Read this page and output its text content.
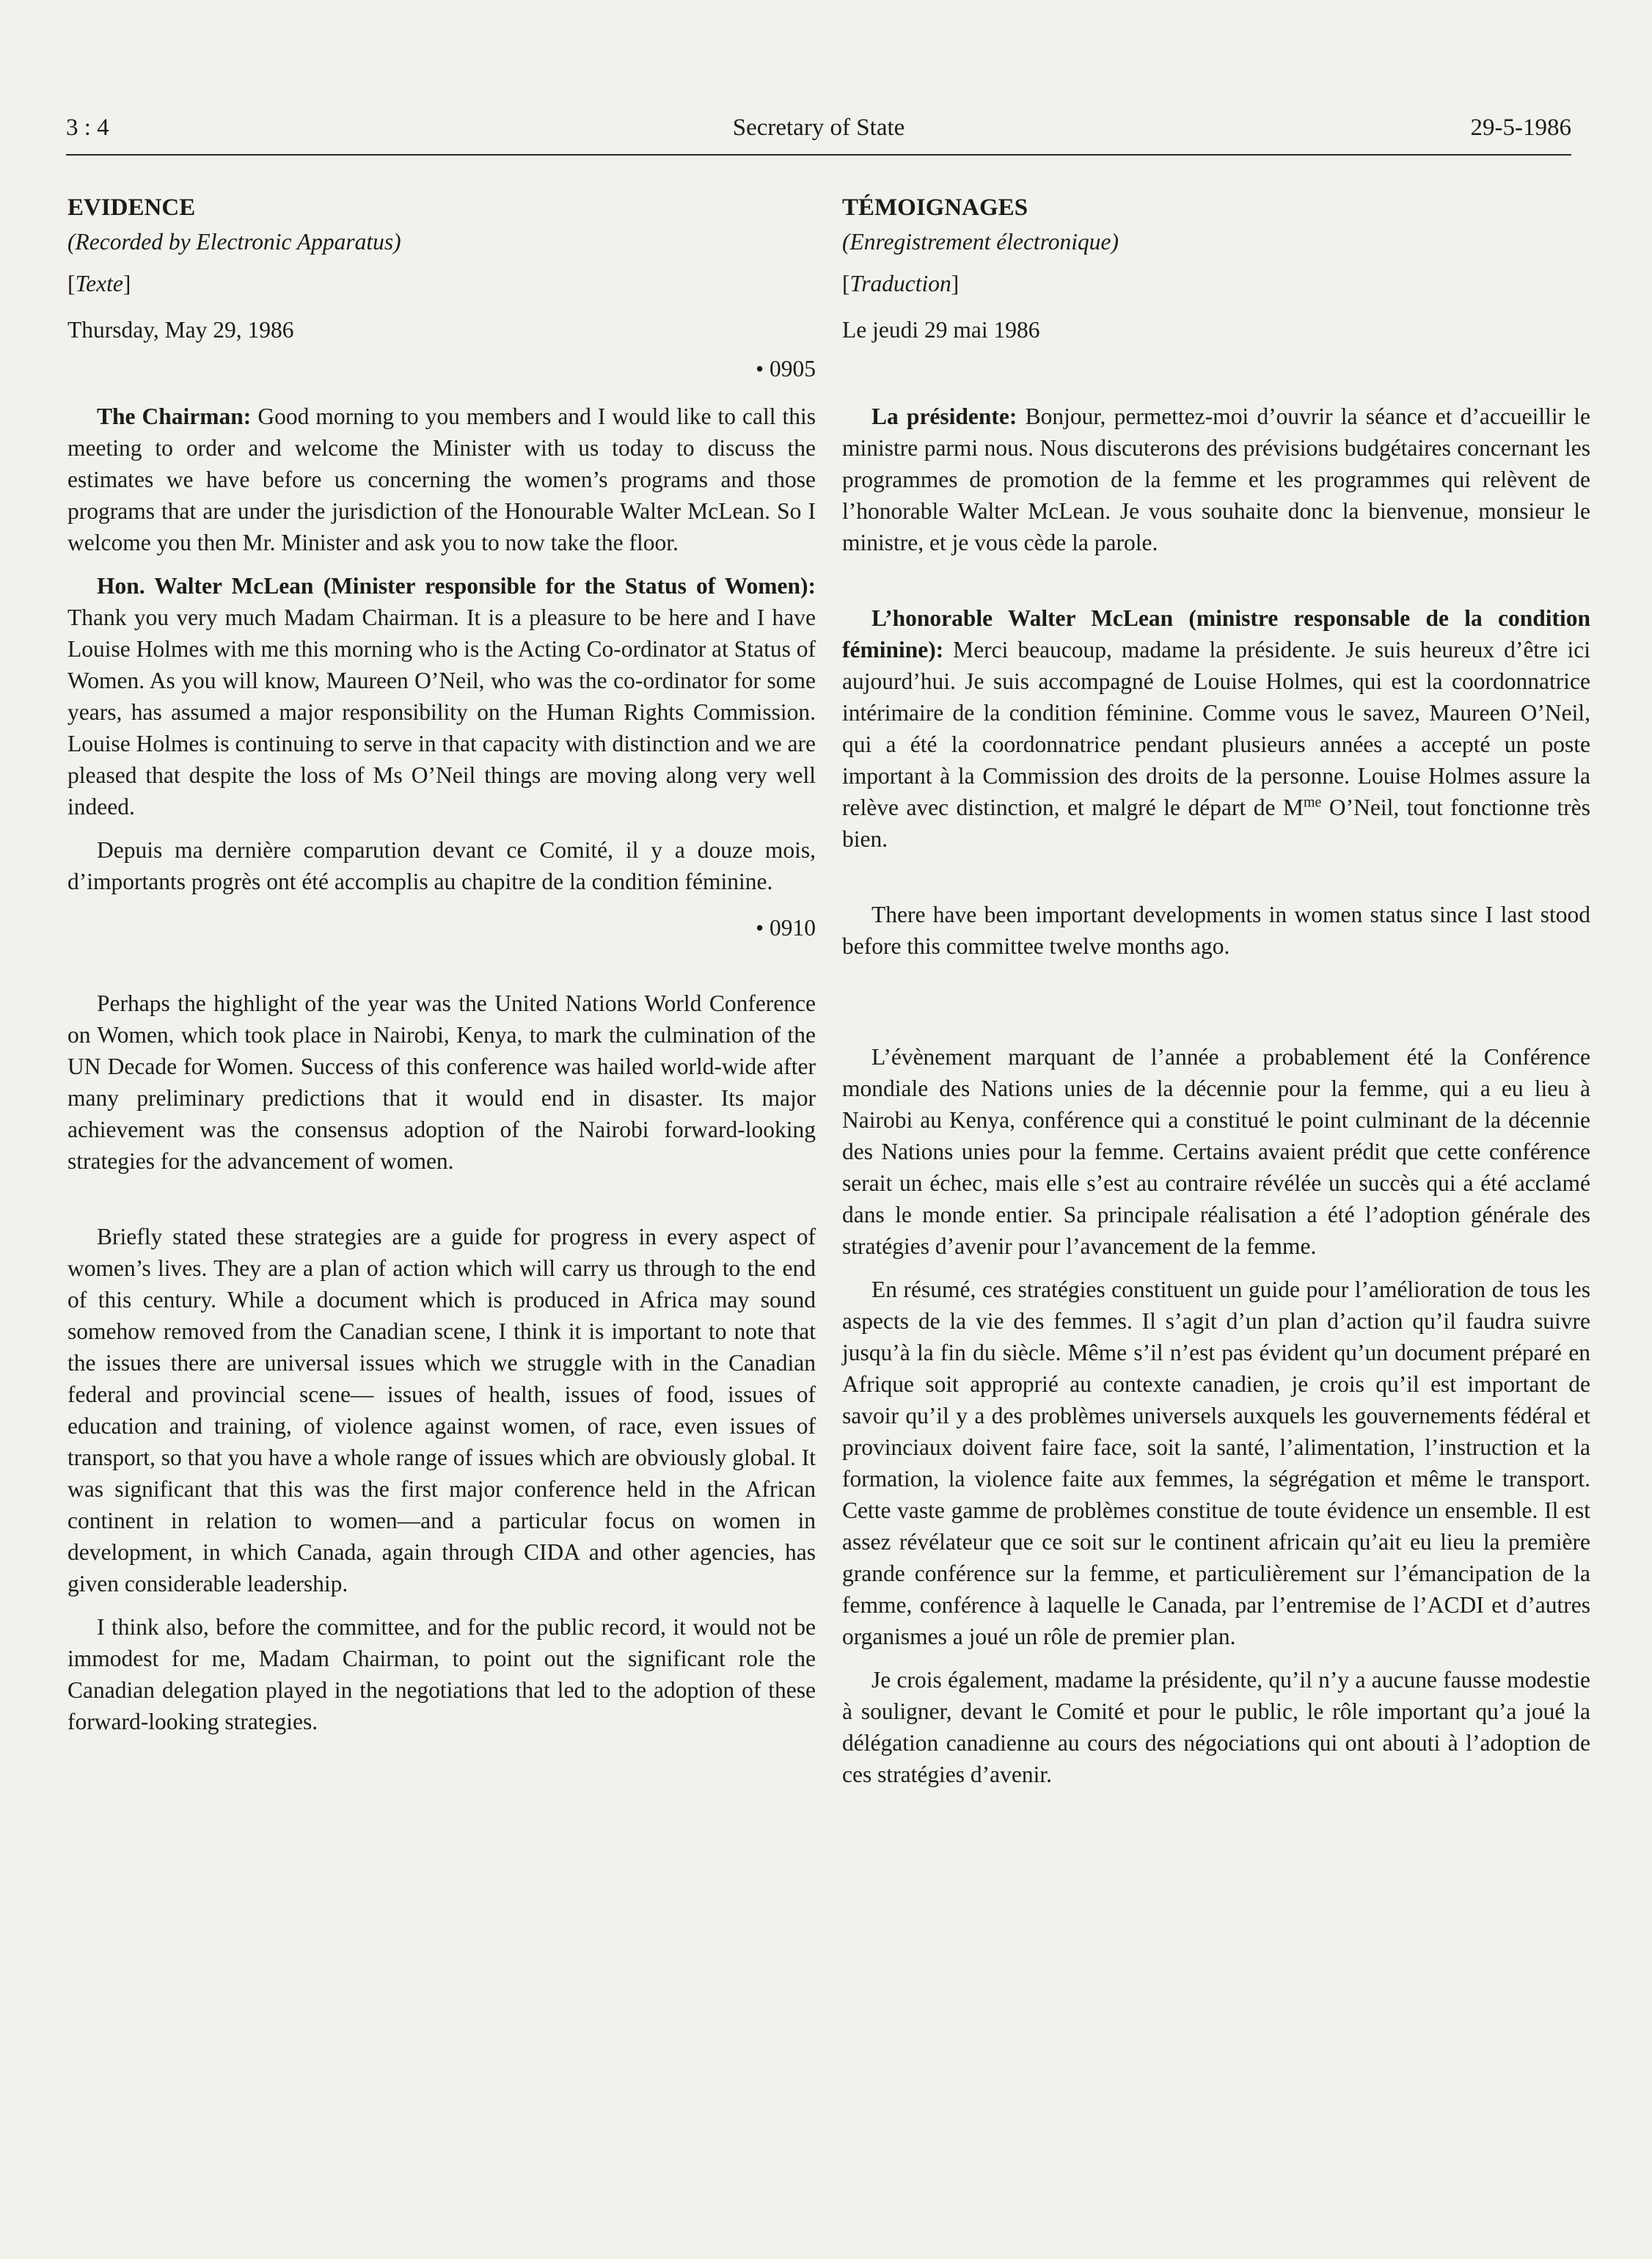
3 : 4	Secretary of State	29-5-1986
EVIDENCE
(Recorded by Electronic Apparatus)
[Texte]
Thursday, May 29, 1986
• 0905

The Chairman: Good morning to you members and I would like to call this meeting to order and welcome the Minister with us today to discuss the estimates we have before us concerning the women’s programs and those programs that are under the jurisdiction of the Honourable Walter McLean. So I welcome you then Mr. Minister and ask you to now take the floor.

Hon. Walter McLean (Minister responsible for the Status of Women): Thank you very much Madam Chairman. It is a pleasure to be here and I have Louise Holmes with me this morning who is the Acting Co-ordinator at Status of Women. As you will know, Maureen O’Neil, who was the co-ordinator for some years, has assumed a major responsibility on the Human Rights Commission. Louise Holmes is continuing to serve in that capacity with distinction and we are pleased that despite the loss of Ms O’Neil things are moving along very well indeed.

Depuis ma dernière comparution devant ce Comité, il y a douze mois, d’importants progrès ont été accomplis au chapitre de la condition féminine.

• 0910

Perhaps the highlight of the year was the United Nations World Conference on Women, which took place in Nairobi, Kenya, to mark the culmination of the UN Decade for Women. Success of this conference was hailed world-wide after many preliminary predictions that it would end in disaster. Its major achievement was the consensus adoption of the Nairobi forward-looking strategies for the advancement of women.

Briefly stated these strategies are a guide for progress in every aspect of women’s lives. They are a plan of action which will carry us through to the end of this century. While a document which is produced in Africa may sound somehow removed from the Canadian scene, I think it is important to note that the issues there are universal issues which we struggle with in the Canadian federal and provincial scene— issues of health, issues of food, issues of education and training, of violence against women, of race, even issues of transport, so that you have a whole range of issues which are obviously global. It was significant that this was the first major conference held in the African continent in relation to women—and a particular focus on women in development, in which Canada, again through CIDA and other agencies, has given considerable leadership.

I think also, before the committee, and for the public record, it would not be immodest for me, Madam Chairman, to point out the significant role the Canadian delegation played in the negotiations that led to the adoption of these forward-looking strategies.

TÉMOIGNAGES
(Enregistrement électronique)
[Traduction]
Le jeudi 29 mai 1986

La présidente: Bonjour, permettez-moi d’ouvrir la séance et d’accueillir le ministre parmi nous. Nous discuterons des prévisions budgétaires concernant les programmes de promotion de la femme et les programmes qui relèvent de l’honorable Walter McLean. Je vous souhaite donc la bienvenue, monsieur le ministre, et je vous cède la parole.

L’honorable Walter McLean (ministre responsable de la condition féminine): Merci beaucoup, madame la présidente. Je suis heureux d’être ici aujourd’hui. Je suis accompagné de Louise Holmes, qui est la coordonnatrice intérimaire de la condition féminine. Comme vous le savez, Maureen O’Neil, qui a été la coordonnatrice pendant plusieurs années a accepté un poste important à la Commission des droits de la personne. Louise Holmes assure la relève avec distinction, et malgré le départ de $M^{me}$ O’Neil, tout fonctionne très bien.

There have been important developments in women status since I last stood before this committee twelve months ago.

L’évènement marquant de l’année a probablement été la Conférence mondiale des Nations unies de la décennie pour la femme, qui a eu lieu à Nairobi au Kenya, conférence qui a constitué le point culminant de la décennie des Nations unies pour la femme. Certains avaient prédit que cette conférence serait un échec, mais elle s’est au contraire révélée un succès qui a été acclamé dans le monde entier. Sa principale réalisation a été l’adoption générale des stratégies d’avenir pour l’avancement de la femme.

En résumé, ces stratégies constituent un guide pour l’amélioration de tous les aspects de la vie des femmes. Il s’agit d’un plan d’action qu’il faudra suivre jusqu’à la fin du siècle. Même s’il n’est pas évident qu’un document préparé en Afrique soit approprié au contexte canadien, je crois qu’il est important de savoir qu’il y a des problèmes universels auxquels les gouvernements fédéral et provinciaux doivent faire face, soit la santé, l’alimentation, l’instruction et la formation, la violence faite aux femmes, la ségrégation et même le transport. Cette vaste gamme de problèmes constitue de toute évidence un ensemble. Il est assez révélateur que ce soit sur le continent africain qu’ait eu lieu la première grande conférence sur la femme, et particulièrement sur l’émancipation de la femme, conférence à laquelle le Canada, par l’entremise de l’ACDI et d’autres organismes a joué un rôle de premier plan.

Je crois également, madame la présidente, qu’il n’y a aucune fausse modestie à souligner, devant le Comité et pour le public, le rôle important qu’a joué la délégation canadienne au cours des négociations qui ont abouti à l’adoption de ces stratégies d’avenir.
